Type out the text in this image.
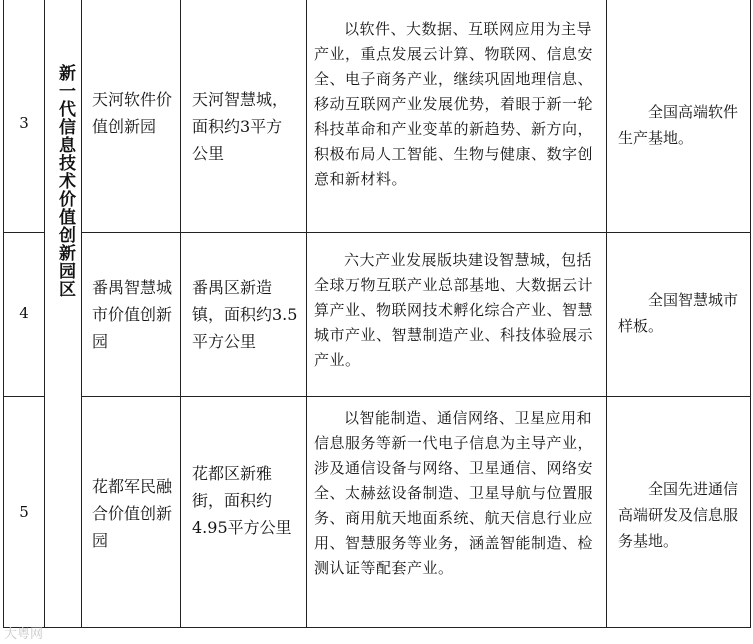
新一代信息技术价值创新园区
3
天河软件价值创新园
天河智慧城，面积约3平方公里
以软件、大数据、互联网应用为主导产业，重点发展云计算、物联网、信息安全、电子商务产业，继续巩固地理信息、移动互联网产业发展优势，着眼于新一轮科技革命和产业变革的新趋势、新方向，积极布局人工智能、生物与健康、数字创意和新材料。
全国高端软件生产基地。
4
番禺智慧城市价值创新园
番禺区新造镇，面积约3.5平方公里
六大产业发展版块建设智慧城，包括全球万物互联产业总部基地、大数据云计算产业、物联网技术孵化综合产业、智慧城市产业、智慧制造产业、科技体验展示产业。
全国智慧城市样板。
5
花都军民融合价值创新园
花都区新雅街，面积约4.95平方公里
以智能制造、通信网络、卫星应用和信息服务等新一代电子信息为主导产业，涉及通信设备与网络、卫星通信、网络安全、太赫兹设备制造、卫星导航与位置服务、商用航天地面系统、航天信息行业应用、智慧服务等业务，涵盖智能制造、检测认证等配套产业。
全国先进通信高端研发及信息服务基地。
大粤网
